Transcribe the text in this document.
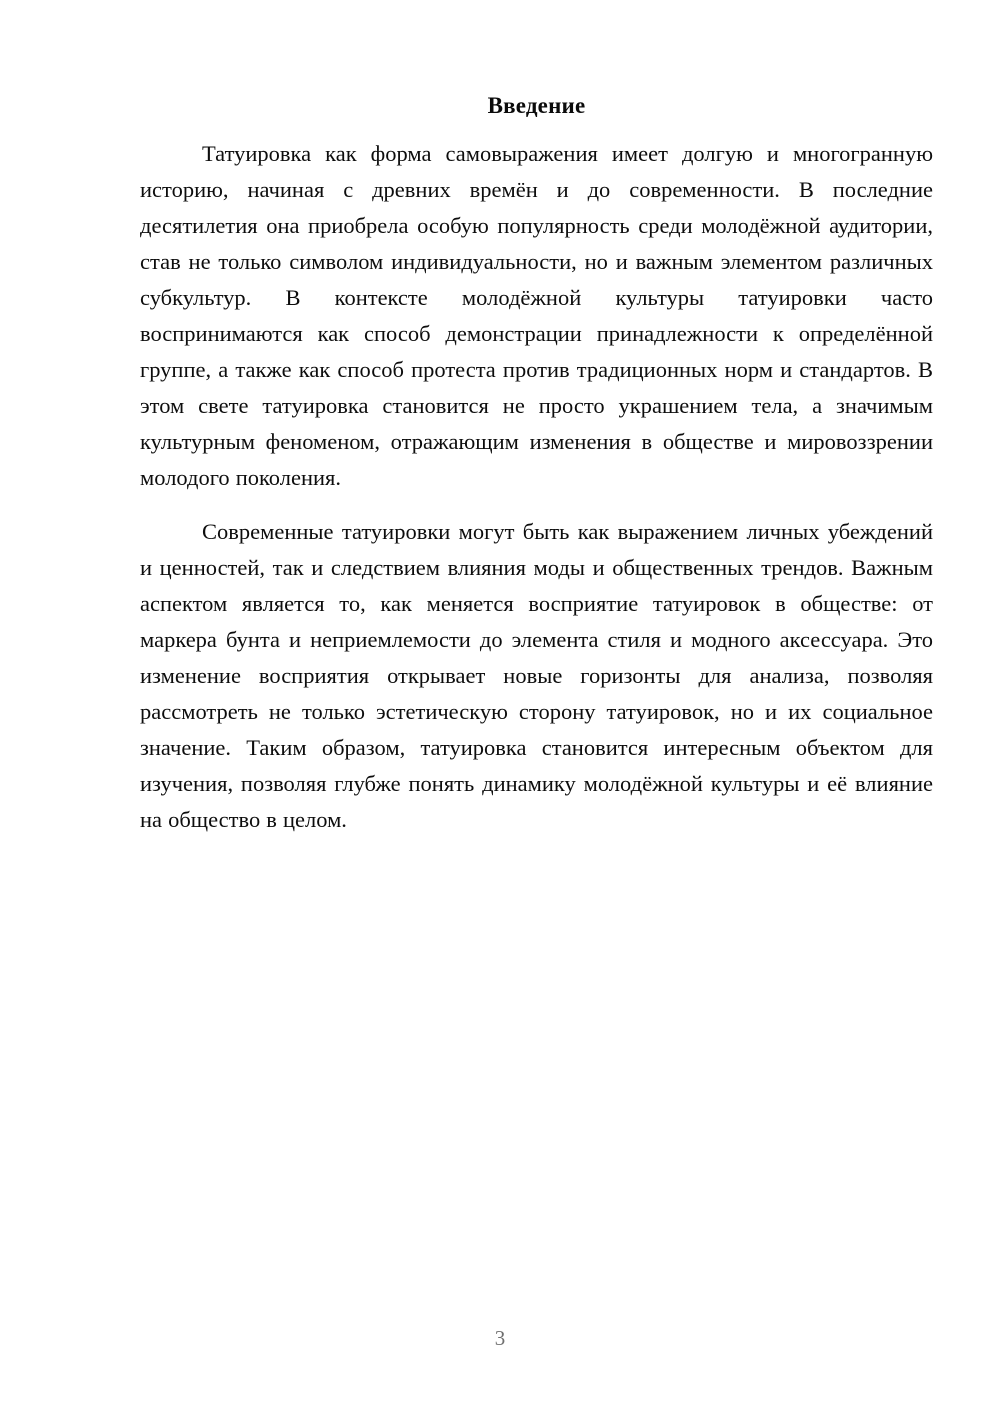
Введение

Татуировка как форма самовыражения имеет долгую и многогранную историю, начиная с древних времён и до современности. В последние десятилетия она приобрела особую популярность среди молодёжной аудитории, став не только символом индивидуальности, но и важным элементом различных субкультур. В контексте молодёжной культуры татуировки часто воспринимаются как способ демонстрации принадлежности к определённой группе, а также как способ протеста против традиционных норм и стандартов. В этом свете татуировка становится не просто украшением тела, а значимым культурным феноменом, отражающим изменения в обществе и мировоззрении молодого поколения.

Современные татуировки могут быть как выражением личных убеждений и ценностей, так и следствием влияния моды и общественных трендов. Важным аспектом является то, как меняется восприятие татуировок в обществе: от маркера бунта и неприемлемости до элемента стиля и модного аксессуара. Это изменение восприятия открывает новые горизонты для анализа, позволяя рассмотреть не только эстетическую сторону татуировок, но и их социальное значение. Таким образом, татуировка становится интересным объектом для изучения, позволяя глубже понять динамику молодёжной культуры и её влияние на общество в целом.

3
